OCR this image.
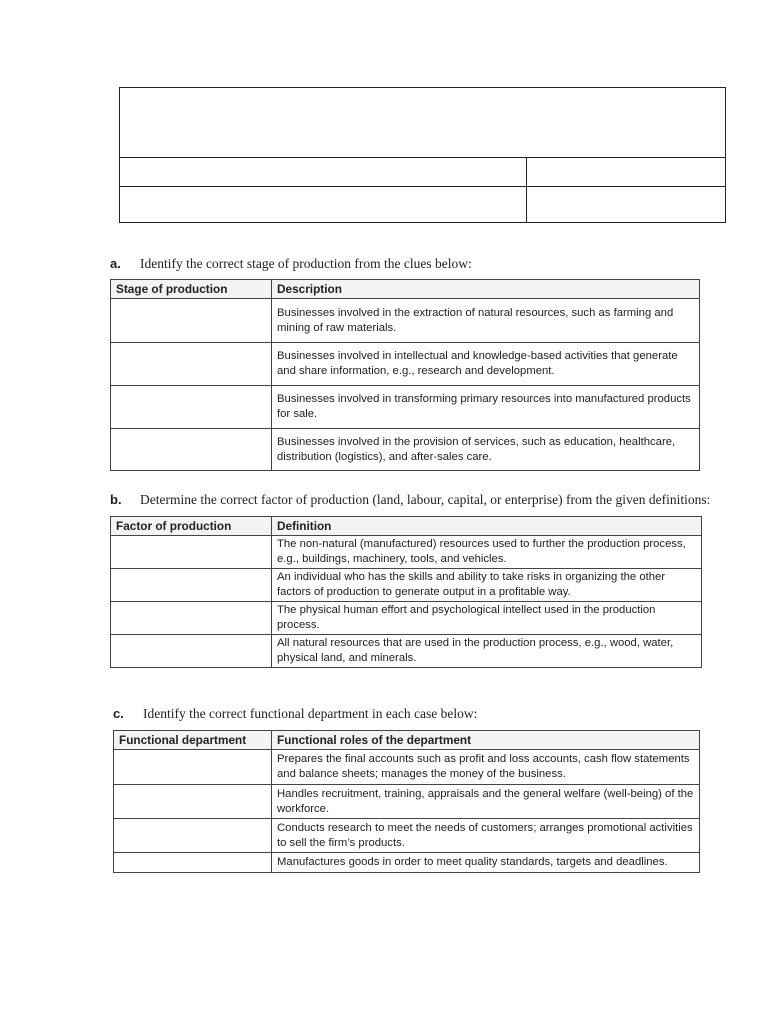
a. Identify the correct stage of production from the clues below:
Stage of production	Description
	Businesses involved in the extraction of natural resources, such as farming and mining of raw materials.
	Businesses involved in intellectual and knowledge-based activities that generate and share information, e.g., research and development.
	Businesses involved in transforming primary resources into manufactured products for sale.
	Businesses involved in the provision of services, such as education, healthcare, distribution (logistics), and after-sales care.
b. Determine the correct factor of production (land, labour, capital, or enterprise) from the given definitions:
Factor of production	Definition
	The non-natural (manufactured) resources used to further the production process, e.g., buildings, machinery, tools, and vehicles.
	An individual who has the skills and ability to take risks in organizing the other factors of production to generate output in a profitable way.
	The physical human effort and psychological intellect used in the production process.
	All natural resources that are used in the production process, e.g., wood, water, physical land, and minerals.
c. Identify the correct functional department in each case below:
Functional department	Functional roles of the department
	Prepares the final accounts such as profit and loss accounts, cash flow statements and balance sheets; manages the money of the business.
	Handles recruitment, training, appraisals and the general welfare (well-being) of the workforce.
	Conducts research to meet the needs of customers; arranges promotional activities to sell the firm’s products.
	Manufactures goods in order to meet quality standards, targets and deadlines.
